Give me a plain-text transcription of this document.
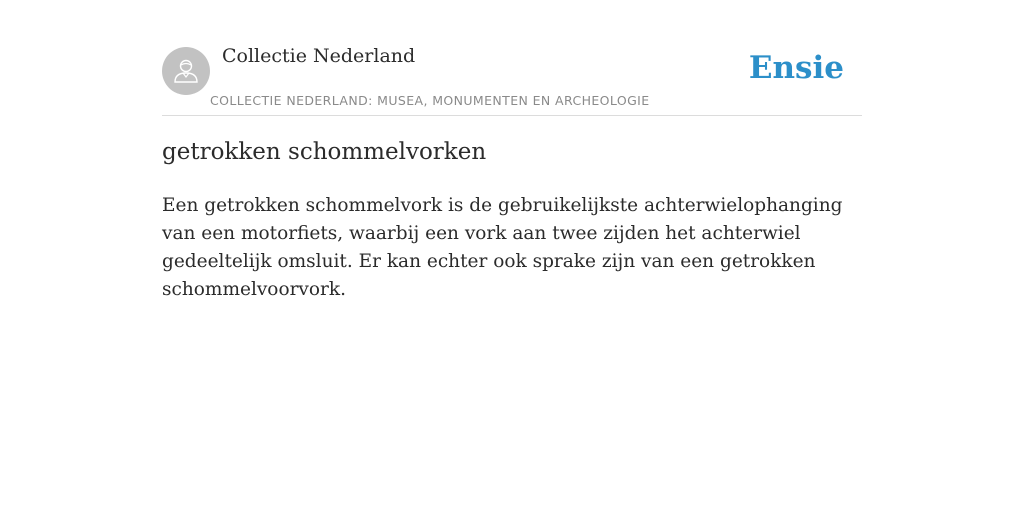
Collectie Nederland
COLLECTIE NEDERLAND: MUSEA, MONUMENTEN EN ARCHEOLOGIE
Ensie
getrokken schommelvorken

Een getrokken schommelvork is de gebruikelijkste achterwielophanging van een motorfiets, waarbij een vork aan twee zijden het achterwiel gedeeltelijk omsluit. Er kan echter ook sprake zijn van een getrokken schommelvoorvork.
